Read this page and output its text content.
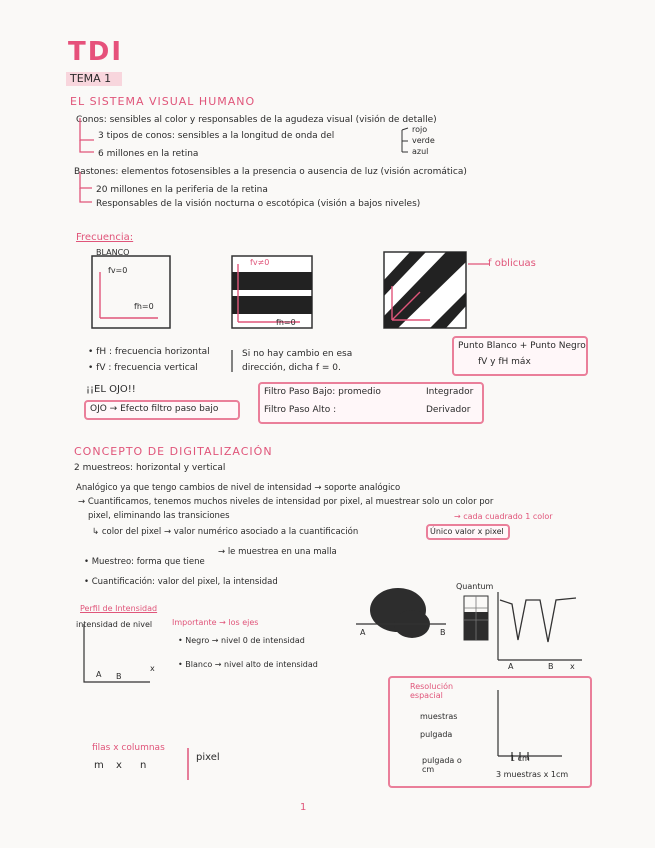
TDI
TEMA 1
EL SISTEMA VISUAL HUMANO
Conos: sensibles al color y responsables de la agudeza visual (visión de detalle)
3 tipos de conos: sensibles a la longitud de onda del
rojo
verde
azul
6 millones en la retina
Bastones: elementos fotosensibles a la presencia o ausencia de luz (visión acromática)
20 millones en la periferia de la retina
Responsables de la visión nocturna o escotópica (visión a bajos niveles)
Frecuencia:
BLANCO
fv=0
fh=0
fv≠0
fh=0
f oblicuas
• fH : frecuencia horizontal
• fV : frecuencia vertical
Si no hay cambio en esa
dirección, dicha f = 0.
Punto Blanco + Punto Negro
fV y fH máx
¡¡EL OJO!!
OJO → Efecto filtro paso bajo
Filtro Paso Bajo: promedio	Integrador
Filtro Paso Alto :	Derivador
CONCEPTO DE DIGITALIZACIÓN
2 muestreos: horizontal y vertical
Analógico ya que tengo cambios de nivel de intensidad → soporte analógico
→ Cuantificamos, tenemos muchos niveles de intensidad por pixel, al muestrear solo un color por
pixel, eliminando las transiciones	→ cada cuadrado 1 color
↳ color del pixel → valor numérico asociado a la cuantificación	Único valor x pixel
→ le muestrea en una malla
• Muestreo: forma que tiene
• Cuantificación: valor del pixel, la intensidad	Quantum
Perfil de Intensidad
intensidad de nivel Importante → los ejes
• Negro → nivel 0 de intensidad
• Blanco → nivel alto de intensidad
A B
x
A	B
A	B x
Resolución espacial
muestras
pulgada
pulgada o cm
1 cm
3 muestras x 1cm
filas x columnas
m x n
pixel
1
